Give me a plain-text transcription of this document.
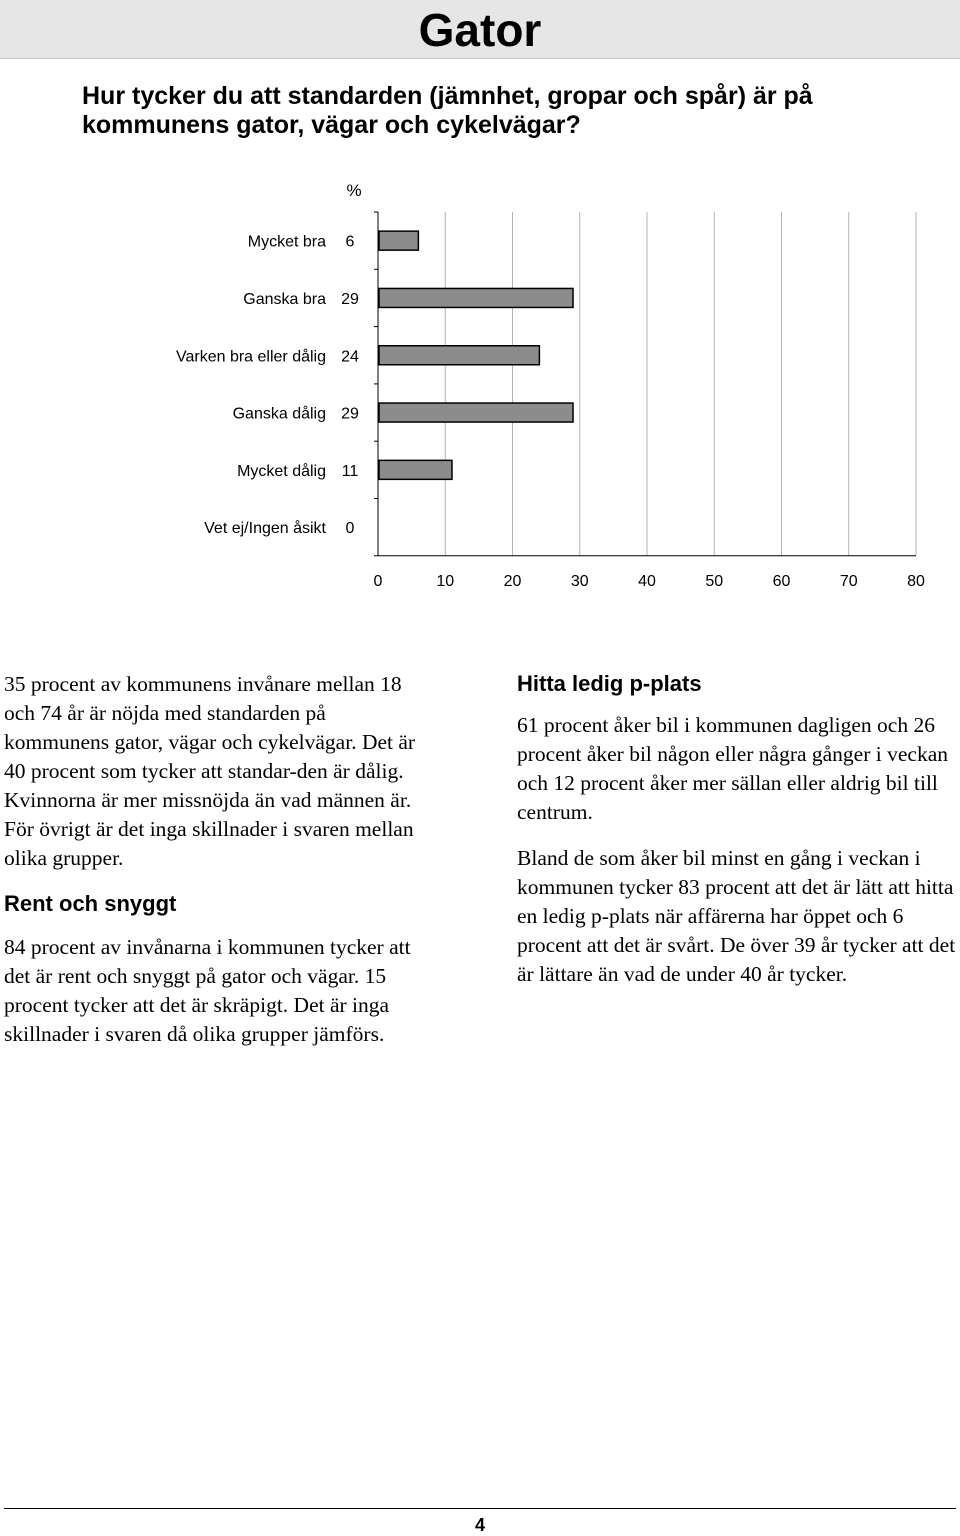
Gator

Hur tycker du att standarden (jämnhet, gropar och spår) är på kommunens gator, vägar och cykelvägar?

%
Mycket bra 6
Ganska bra 29
Varken bra eller dålig 24
Ganska dålig 29
Mycket dålig 11
Vet ej/Ingen åsikt 0
0	10	20	30	40	50	60	70	80

35 procent av kommunens invånare mellan 18 och 74 år är nöjda med standarden på kommunens gator, vägar och cykelvägar. Det är 40 procent som tycker att standar-den är dålig. Kvinnorna är mer missnöjda än vad männen är. För övrigt är det inga skillnader i svaren mellan olika grupper.

Rent och snyggt

84 procent av invånarna i kommunen tycker att det är rent och snyggt på gator och vägar. 15 procent tycker att det är skräpigt. Det är inga skillnader i svaren då olika grupper jämförs.

Hitta ledig p-plats

61 procent åker bil i kommunen dagligen och 26 procent åker bil någon eller några gånger i veckan och 12 procent åker mer sällan eller aldrig bil till centrum.

Bland de som åker bil minst en gång i veckan i kommunen tycker 83 procent att det är lätt att hitta en ledig p-plats när affärerna har öppet och 6 procent att det är svårt. De över 39 år tycker att det är lättare än vad de under 40 år tycker.

4
